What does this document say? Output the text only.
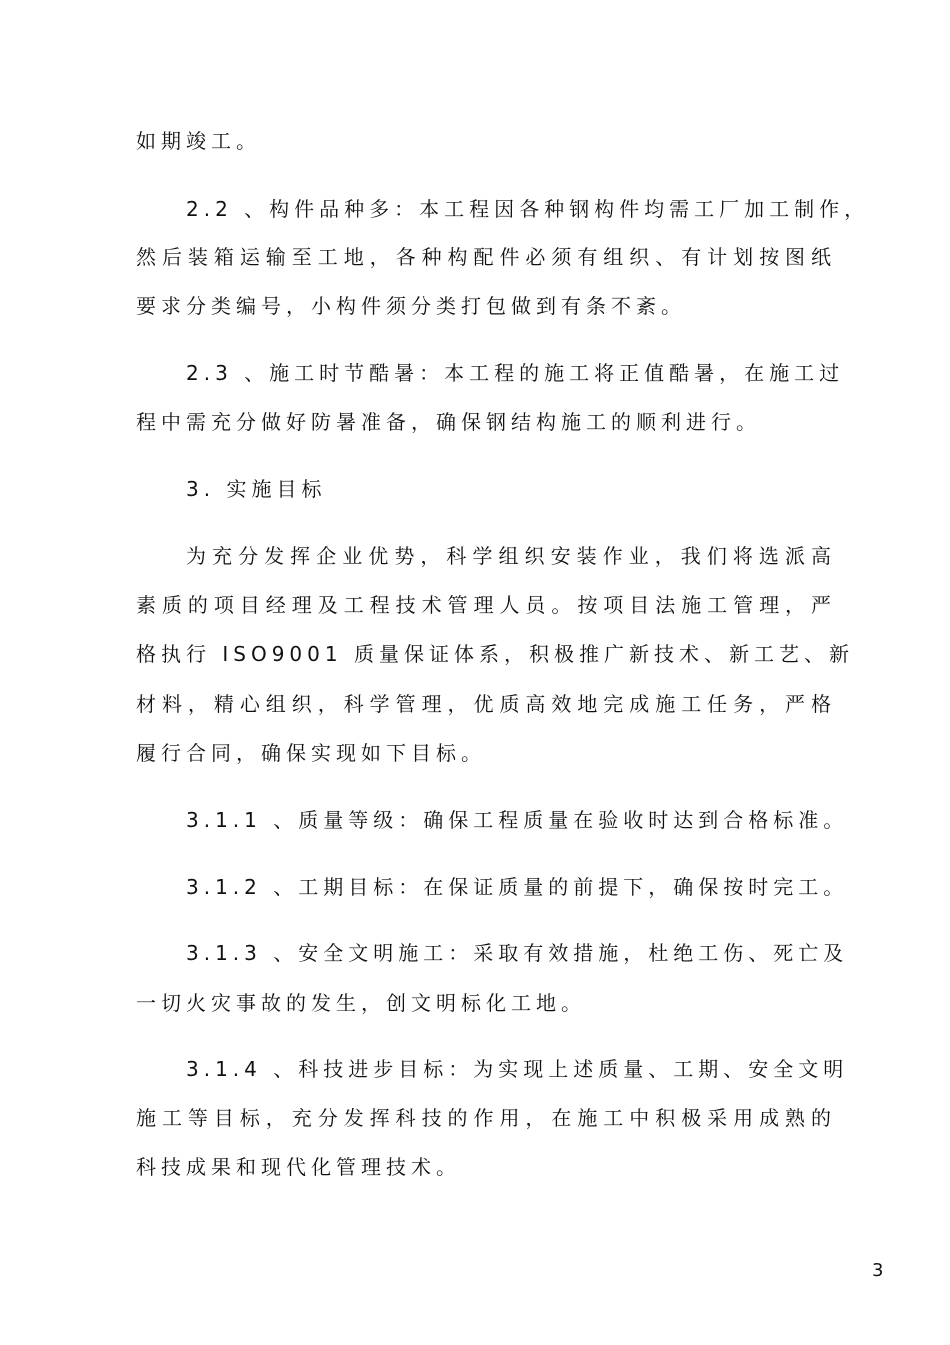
如期竣工。

2.2 、构件品种多：本工程因各种钢构件均需工厂加工制作，

然后装箱运输至工地，各种构配件必须有组织、有计划按图纸

要求分类编号，小构件须分类打包做到有条不紊。

2.3 、施工时节酷暑：本工程的施工将正值酷暑，在施工过

程中需充分做好防暑准备，确保钢结构施工的顺利进行。

3. 实施目标

为充分发挥企业优势，科学组织安装作业，我们将选派高

素质的项目经理及工程技术管理人员。按项目法施工管理，严

格执行 ISO9001 质量保证体系，积极推广新技术、新工艺、新

材料，精心组织，科学管理，优质高效地完成施工任务，严格

履行合同，确保实现如下目标。

3.1.1 、质量等级：确保工程质量在验收时达到合格标准。

3.1.2 、工期目标：在保证质量的前提下，确保按时完工。

3.1.3 、安全文明施工：采取有效措施，杜绝工伤、死亡及

一切火灾事故的发生，创文明标化工地。

3.1.4 、科技进步目标：为实现上述质量、工期、安全文明

施工等目标，充分发挥科技的作用，在施工中积极采用成熟的

科技成果和现代化管理技术。

3
